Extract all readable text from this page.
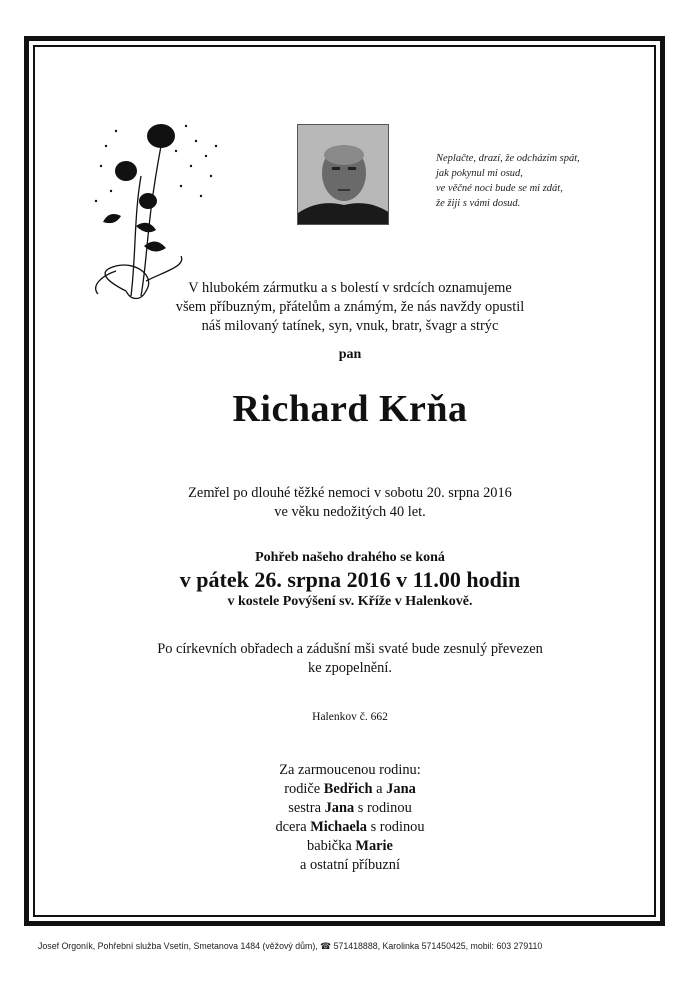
Neplačte, drazí, že odcházím spát,
jak pokynul mi osud,
ve věčné noci bude se mi zdát,
že žiji s vámi dosud.
V hlubokém zármutku a s bolestí v srdcích oznamujeme
všem příbuzným, přátelům a známým, že nás navždy opustil
náš milovaný tatínek, syn, vnuk, bratr, švagr a strýc
pan
Richard Krňa
Zemřel po dlouhé těžké nemoci v sobotu 20. srpna 2016
ve věku nedožitých 40 let.
Pohřeb našeho drahého se koná
v pátek 26. srpna 2016 v 11.00 hodin
v kostele Povýšení sv. Kříže v Halenkově.
Po církevních obřadech a zádušní mši svaté bude zesnulý převezen
ke zpopelnění.
Halenkov č. 662
Za zarmoucenou rodinu:
rodiče Bedřich a Jana
sestra Jana s rodinou
dcera Michaela s rodinou
babička Marie
a ostatní příbuzní
Josef Orgoník, Pohřební služba Vsetín, Smetanova 1484 (věžový dům), ☎ 571418888, Karolinka 571450425, mobil: 603 279110
